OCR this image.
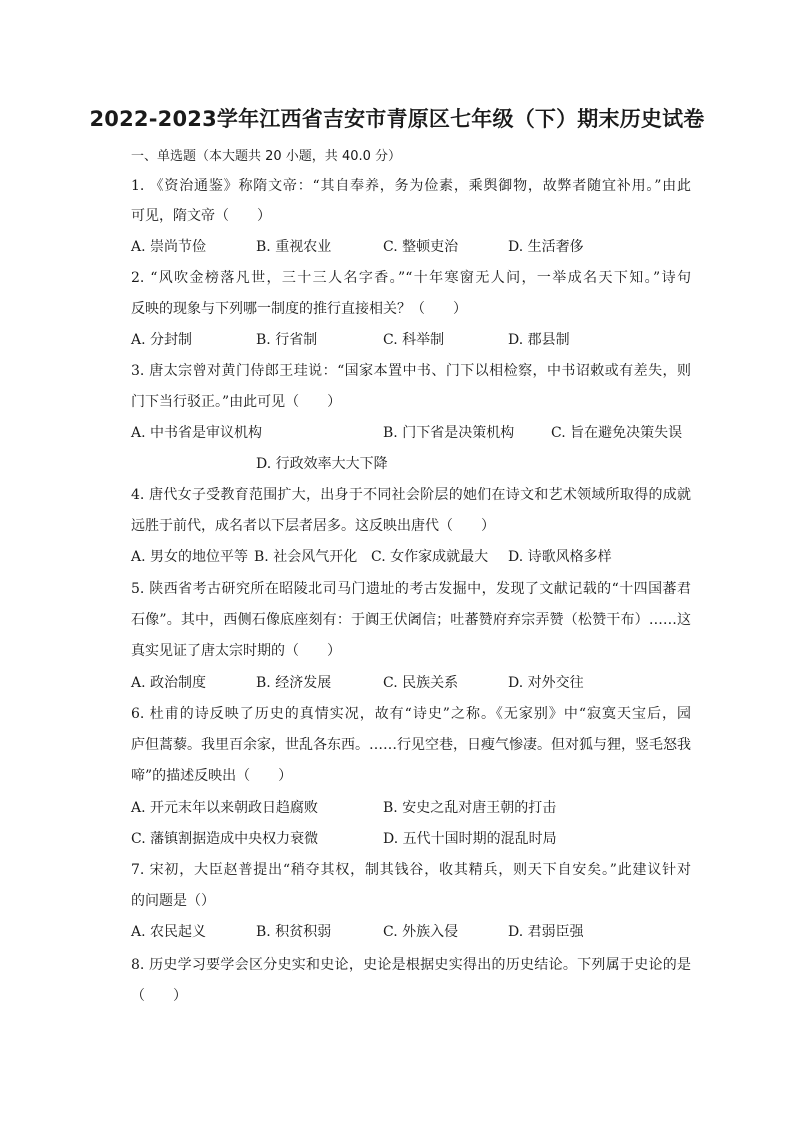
2022-2023学年江西省吉安市青原区七年级（下）期末历史试卷
一、单选题（本大题共 20 小题，共 40.0 分）
1. 《资治通鉴》称隋文帝：“其自奉养，务为俭素，乘舆御物，故弊者随宜补用。”由此
可见，隋文帝（　　）
A. 崇尚节俭	B. 重视农业	C. 整顿吏治	D. 生活奢侈
2. “风吹金榜落凡世，三十三人名字香。”“十年寒窗无人问，一举成名天下知。”诗句
反映的现象与下列哪一制度的推行直接相关？（　　）
A. 分封制	B. 行省制	C. 科举制	D. 郡县制
3. 唐太宗曾对黄门侍郎王珪说：“国家本置中书、门下以相检察，中书诏敕或有差失，则
门下当行驳正。”由此可见（　　）
A. 中书省是审议机构	B. 门下省是决策机构	C. 旨在避免决策失误
D. 行政效率大大下降
4. 唐代女子受教育范围扩大，出身于不同社会阶层的她们在诗文和艺术领域所取得的成就
远胜于前代，成名者以下层者居多。这反映出唐代（　　）
A. 男女的地位平等 B. 社会风气开化 C. 女作家成就最大 D. 诗歌风格多样
5. 陕西省考古研究所在昭陵北司马门遗址的考古发掘中，发现了文献记载的“十四国蕃君
石像”。其中，西侧石像底座刻有：于阗王伏阇信；吐蕃赞府弃宗弄赞（松赞干布）……这
真实见证了唐太宗时期的（　　）
A. 政治制度	B. 经济发展	C. 民族关系	D. 对外交往
6. 杜甫的诗反映了历史的真情实况，故有“诗史”之称。《无家别》中“寂寞天宝后，园
庐但蒿藜。我里百余家，世乱各东西。……行见空巷，日瘦气惨凄。但对狐与狸，竖毛怒我
啼”的描述反映出（　　）
A. 开元末年以来朝政日趋腐败	B. 安史之乱对唐王朝的打击
C. 藩镇割据造成中央权力衰微	D. 五代十国时期的混乱时局
7. 宋初，大臣赵普提出“稍夺其权，制其钱谷，收其精兵，则天下自安矣。”此建议针对
的问题是（）
A. 农民起义	B. 积贫积弱	C. 外族入侵	D. 君弱臣强
8. 历史学习要学会区分史实和史论，史论是根据史实得出的历史结论。下列属于史论的是
（　　）
